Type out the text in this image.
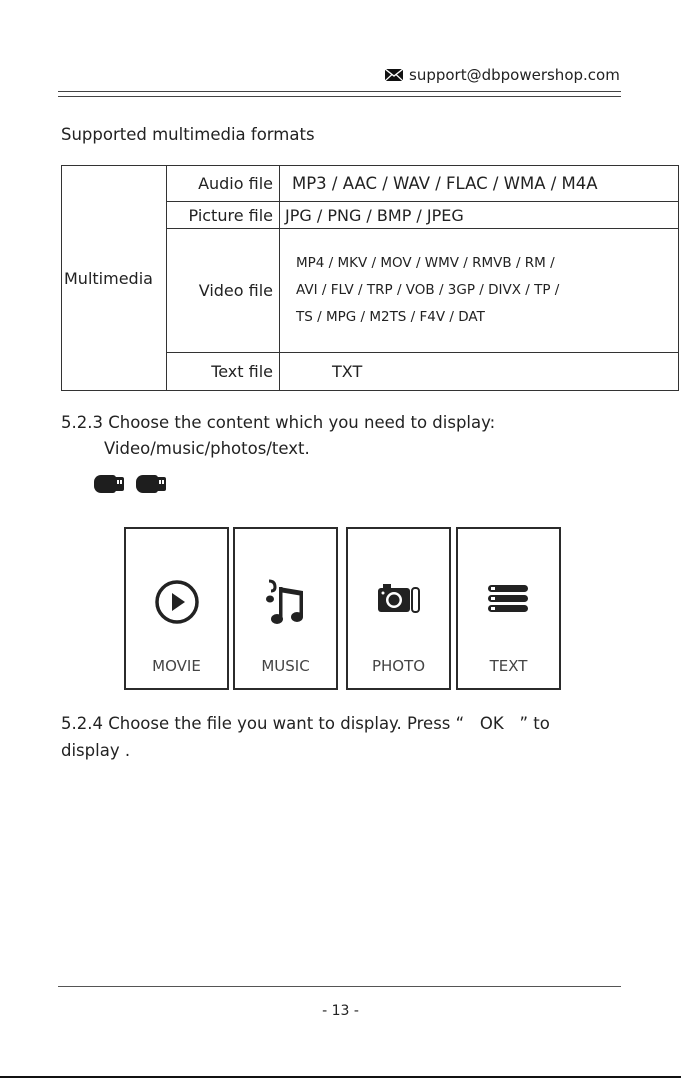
support@dbpowershop.com
Supported multimedia formats
Multimedia	Audio file	MP3 / AAC / WAV / FLAC / WMA / M4A
	Picture file	JPG / PNG / BMP / JPEG
	Video file	MP4 / MKV / MOV / WMV / RMVB / RM /
AVI / FLV / TRP / VOB / 3GP / DIVX / TP /
TS / MPG / M2TS / F4V / DAT

	Text file	TXT
5.2.3 Choose the content which you need to display:
Video/music/photos/text.
MOVIE	MUSIC	PHOTO	TEXT
5.2.4 Choose the file you want to display. Press “   OK   ” to
display .
- 13 -
